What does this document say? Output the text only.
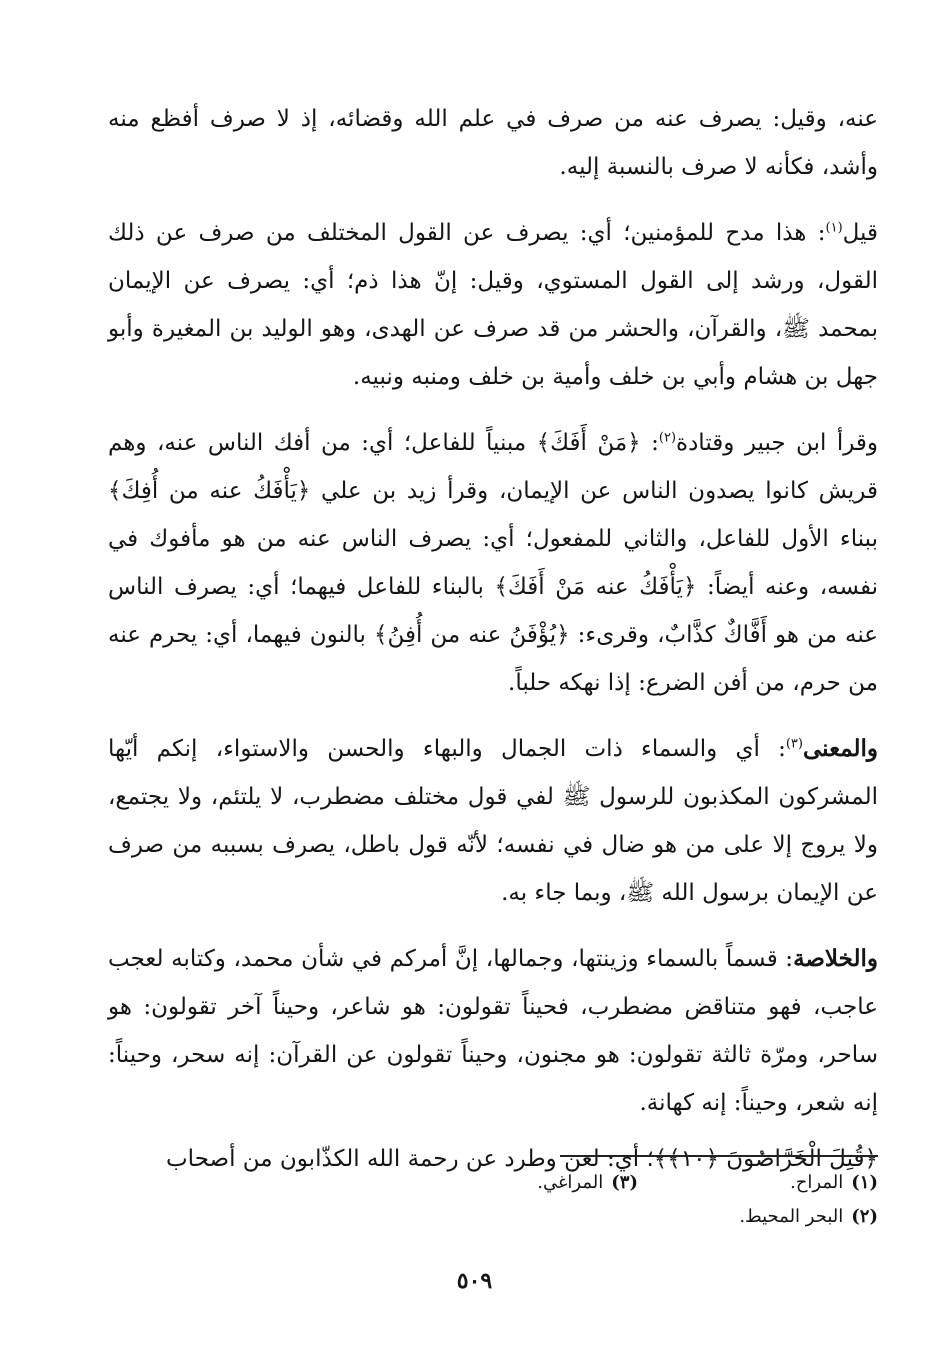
عنه، وقيل: يصرف عنه من صرف في علم الله وقضائه، إذ لا صرف أفظع منه وأشد، فكأنه لا صرف بالنسبة إليه.

قيل$^{(١)}$: هذا مدح للمؤمنين؛ أي: يصرف عن القول المختلف من صرف عن ذلك القول، ورشد إلى القول المستوي، وقيل: إنّ هذا ذم؛ أي: يصرف عن الإيمان بمحمد ﷺ، والقرآن، والحشر من قد صرف عن الهدى، وهو الوليد بن المغيرة وأبو جهل بن هشام وأبي بن خلف وأمية بن خلف ومنبه ونبيه.

وقرأ ابن جبير وقتادة$^{(٢)}$: ﴿مَنْ أَفَكَ﴾ مبنياً للفاعل؛ أي: من أفك الناس عنه، وهم قريش كانوا يصدون الناس عن الإيمان، وقرأ زيد بن علي ﴿يَأْفَكُ عنه من أُفِكَ﴾ ببناء الأول للفاعل، والثاني للمفعول؛ أي: يصرف الناس عنه من هو مأفوك في نفسه، وعنه أيضاً: ﴿يَأْفَكُ عنه مَنْ أَفَكَ﴾ بالبناء للفاعل فيهما؛ أي: يصرف الناس عنه من هو أَفَّاكٌ كذَّابٌ، وقرىء: ﴿يُؤْفَنُ عنه من أُفِنُ﴾ بالنون فيهما، أي: يحرم عنه من حرم، من أفن الضرع: إذا نهكه حلباً.

والمعنى$^{(٣)}$: أي والسماء ذات الجمال والبهاء والحسن والاستواء، إنكم أيّها المشركون المكذبون للرسول ﷺ لفي قول مختلف مضطرب، لا يلتئم، ولا يجتمع، ولا يروج إلا على من هو ضال في نفسه؛ لأنّه قول باطل، يصرف بسببه من صرف عن الإيمان برسول الله ﷺ، وبما جاء به.

والخلاصة: قسماً بالسماء وزينتها، وجمالها، إنَّ أمركم في شأن محمد، وكتابه لعجب عاجب، فهو متناقض مضطرب، فحيناً تقولون: هو شاعر، وحيناً آخر تقولون: هو ساحر، ومرّة ثالثة تقولون: هو مجنون، وحيناً تقولون عن القرآن: إنه سحر، وحيناً: إنه شعر، وحيناً: إنه كهانة.

﴿قُتِلَ الْخَرَّاصُونَ ﴿١٠﴾﴾؛ أي: لعن وطرد عن رحمة الله الكذّابون من أصحاب

(١)المراح.
(٣)المراغي.
(٢)البحر المحيط.
٥٠٩
